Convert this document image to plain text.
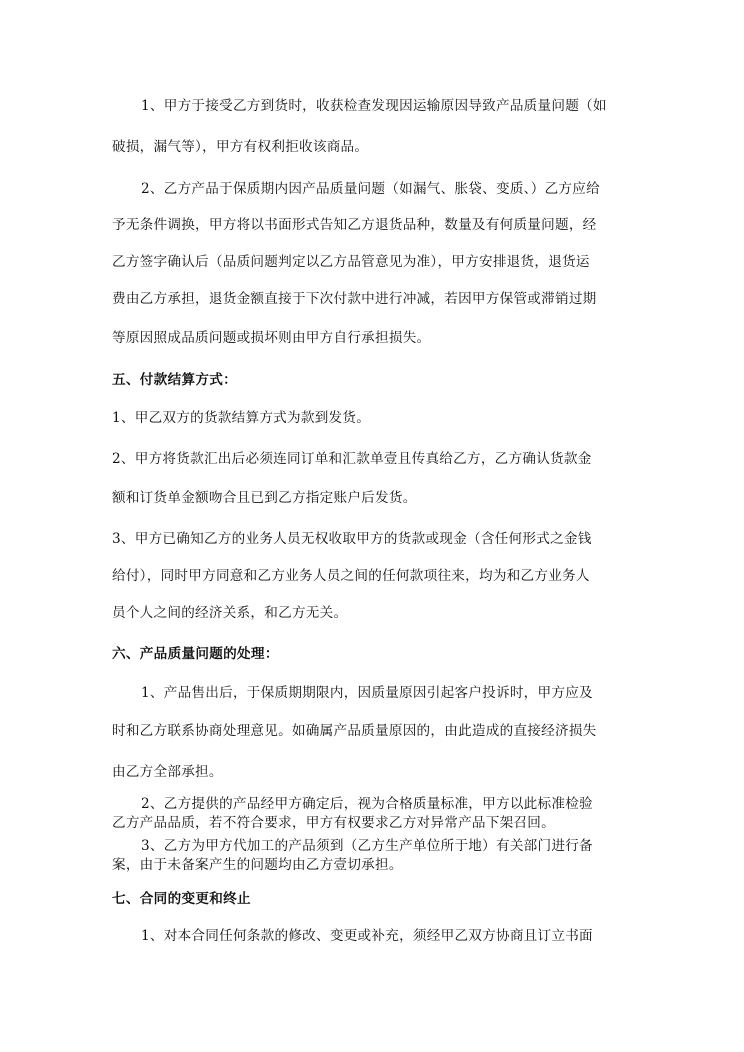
1、甲方于接受乙方到货时，收获检查发现因运输原因导致产品质量问题（如
破损，漏气等），甲方有权利拒收该商品。
2、乙方产品于保质期内因产品质量问题（如漏气、胀袋、变质、）乙方应给
予无条件调换，甲方将以书面形式告知乙方退货品种，数量及有何质量问题，经
乙方签字确认后（品质问题判定以乙方品管意见为准），甲方安排退货，退货运
费由乙方承担，退货金额直接于下次付款中进行冲减，若因甲方保管或滞销过期
等原因照成品质问题或损坏则由甲方自行承担损失。
五、付款结算方式：
1、甲乙双方的货款结算方式为款到发货。
2、甲方将货款汇出后必须连同订单和汇款单壹且传真给乙方，乙方确认货款金
额和订货单金额吻合且已到乙方指定账户后发货。
3、甲方已确知乙方的业务人员无权收取甲方的货款或现金（含任何形式之金钱
给付），同时甲方同意和乙方业务人员之间的任何款项往来，均为和乙方业务人
员个人之间的经济关系，和乙方无关。
六、产品质量问题的处理：
1、产品售出后，于保质期期限内，因质量原因引起客户投诉时，甲方应及
时和乙方联系协商处理意见。如确属产品质量原因的，由此造成的直接经济损失
由乙方全部承担。
2、乙方提供的产品经甲方确定后，视为合格质量标准，甲方以此标准检验
乙方产品品质，若不符合要求，甲方有权要求乙方对异常产品下架召回。
3、乙方为甲方代加工的产品须到（乙方生产单位所于地）有关部门进行备
案，由于未备案产生的问题均由乙方壹切承担。
七、合同的变更和终止
1、对本合同任何条款的修改、变更或补充，须经甲乙双方协商且订立书面
